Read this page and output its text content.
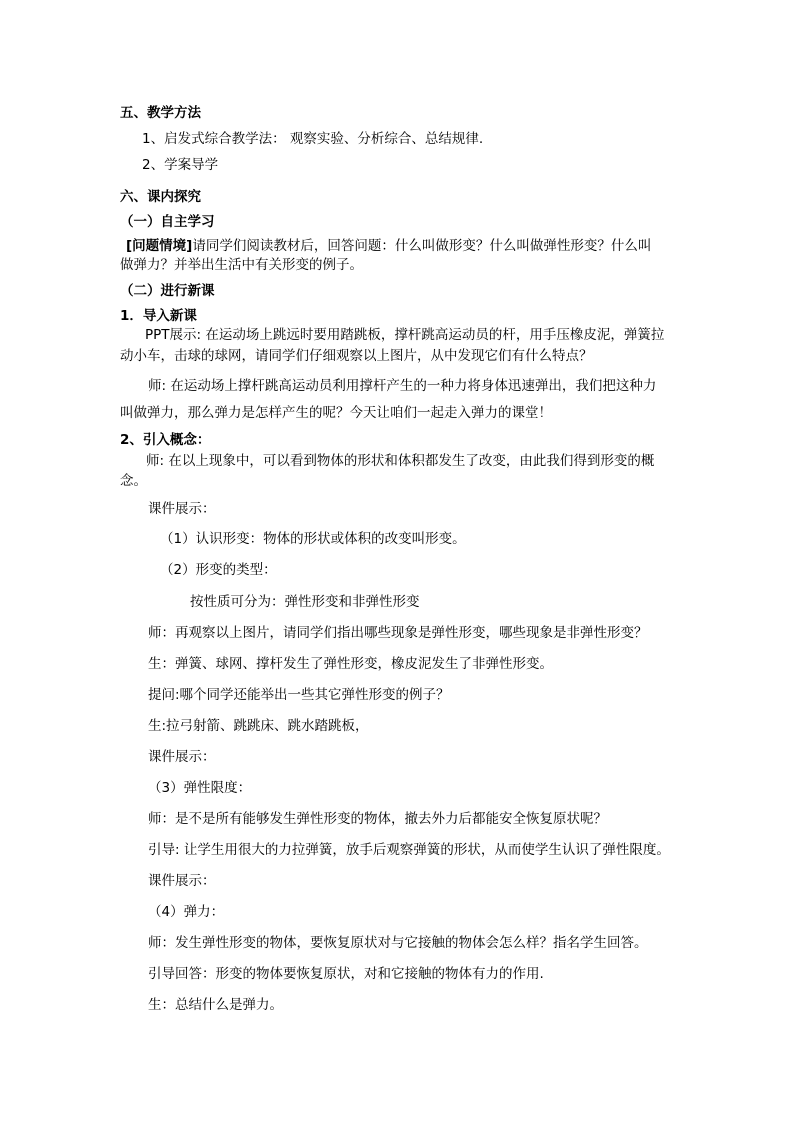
五、教学方法
1、启发式综合教学法： 观察实验、分析综合、总结规律.
2、学案导学
六、课内探究
（一）自主学习
[问题情境]请同学们阅读教材后，回答问题：什么叫做形变？什么叫做弹性形变？什么叫
做弹力？并举出生活中有关形变的例子。
（二）进行新课
1．导入新课
PPT展示: 在运动场上跳远时要用踏跳板，撑杆跳高运动员的杆，用手压橡皮泥，弹簧拉
动小车，击球的球网，请同学们仔细观察以上图片，从中发现它们有什么特点？
师: 在运动场上撑杆跳高运动员利用撑杆产生的一种力将身体迅速弹出，我们把这种力
叫做弹力，那么弹力是怎样产生的呢？今天让咱们一起走入弹力的课堂！
2、引入概念：
师: 在以上现象中，可以看到物体的形状和体积都发生了改变，由此我们得到形变的概
念。
课件展示：
（1）认识形变：物体的形状或体积的改变叫形变。
（2）形变的类型：
按性质可分为：弹性形变和非弹性形变
师：再观察以上图片，请同学们指出哪些现象是弹性形变，哪些现象是非弹性形变？
生：弹簧、球网、撑杆发生了弹性形变，橡皮泥发生了非弹性形变。
提问:哪个同学还能举出一些其它弹性形变的例子？
生:拉弓射箭、跳跳床、跳水踏跳板，
课件展示：
（3）弹性限度：
师：是不是所有能够发生弹性形变的物体，撤去外力后都能安全恢复原状呢？
引导: 让学生用很大的力拉弹簧，放手后观察弹簧的形状，从而使学生认识了弹性限度。
课件展示：
（4）弹力：
师：发生弹性形变的物体，要恢复原状对与它接触的物体会怎么样？指名学生回答。
引导回答：形变的物体要恢复原状，对和它接触的物体有力的作用.
生：总结什么是弹力。
